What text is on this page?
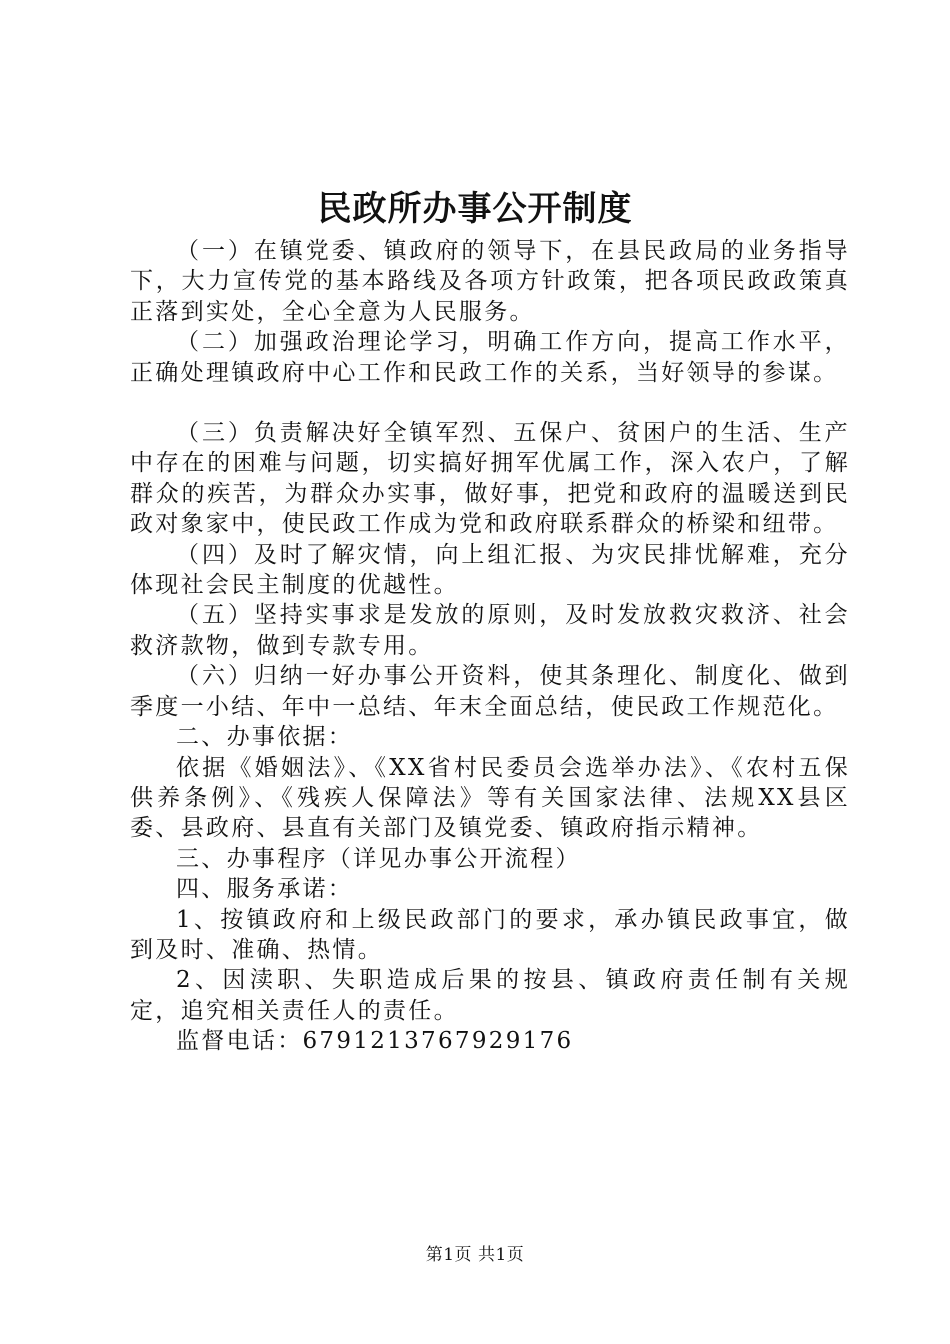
民政所办事公开制度

（一）在镇党委、镇政府的领导下，在县民政局的业务指导下，大力宣传党的基本路线及各项方针政策，把各项民政政策真正落到实处，全心全意为人民服务。

（二）加强政治理论学习，明确工作方向，提高工作水平，正确处理镇政府中心工作和民政工作的关系，当好领导的参谋。

（三）负责解决好全镇军烈、五保户、贫困户的生活、生产中存在的困难与问题，切实搞好拥军优属工作，深入农户，了解群众的疾苦，为群众办实事，做好事，把党和政府的温暖送到民政对象家中，使民政工作成为党和政府联系群众的桥梁和纽带。

（四）及时了解灾情，向上组汇报、为灾民排忧解难，充分体现社会民主制度的优越性。

（五）坚持实事求是发放的原则，及时发放救灾救济、社会救济款物，做到专款专用。

（六）归纳一好办事公开资料，使其条理化、制度化、做到季度一小结、年中一总结、年末全面总结，使民政工作规范化。

二、办事依据：

依据《婚姻法》、《XX省村民委员会选举办法》、《农村五保供养条例》、《残疾人保障法》等有关国家法律、法规XX县区委、县政府、县直有关部门及镇党委、镇政府指示精神。

三、办事程序（详见办事公开流程）

四、服务承诺：

1、按镇政府和上级民政部门的要求，承办镇民政事宜，做到及时、准确、热情。

2、因渎职、失职造成后果的按县、镇政府责任制有关规定，追究相关责任人的责任。

监督电话：6791213767929176

第1页 共1页
